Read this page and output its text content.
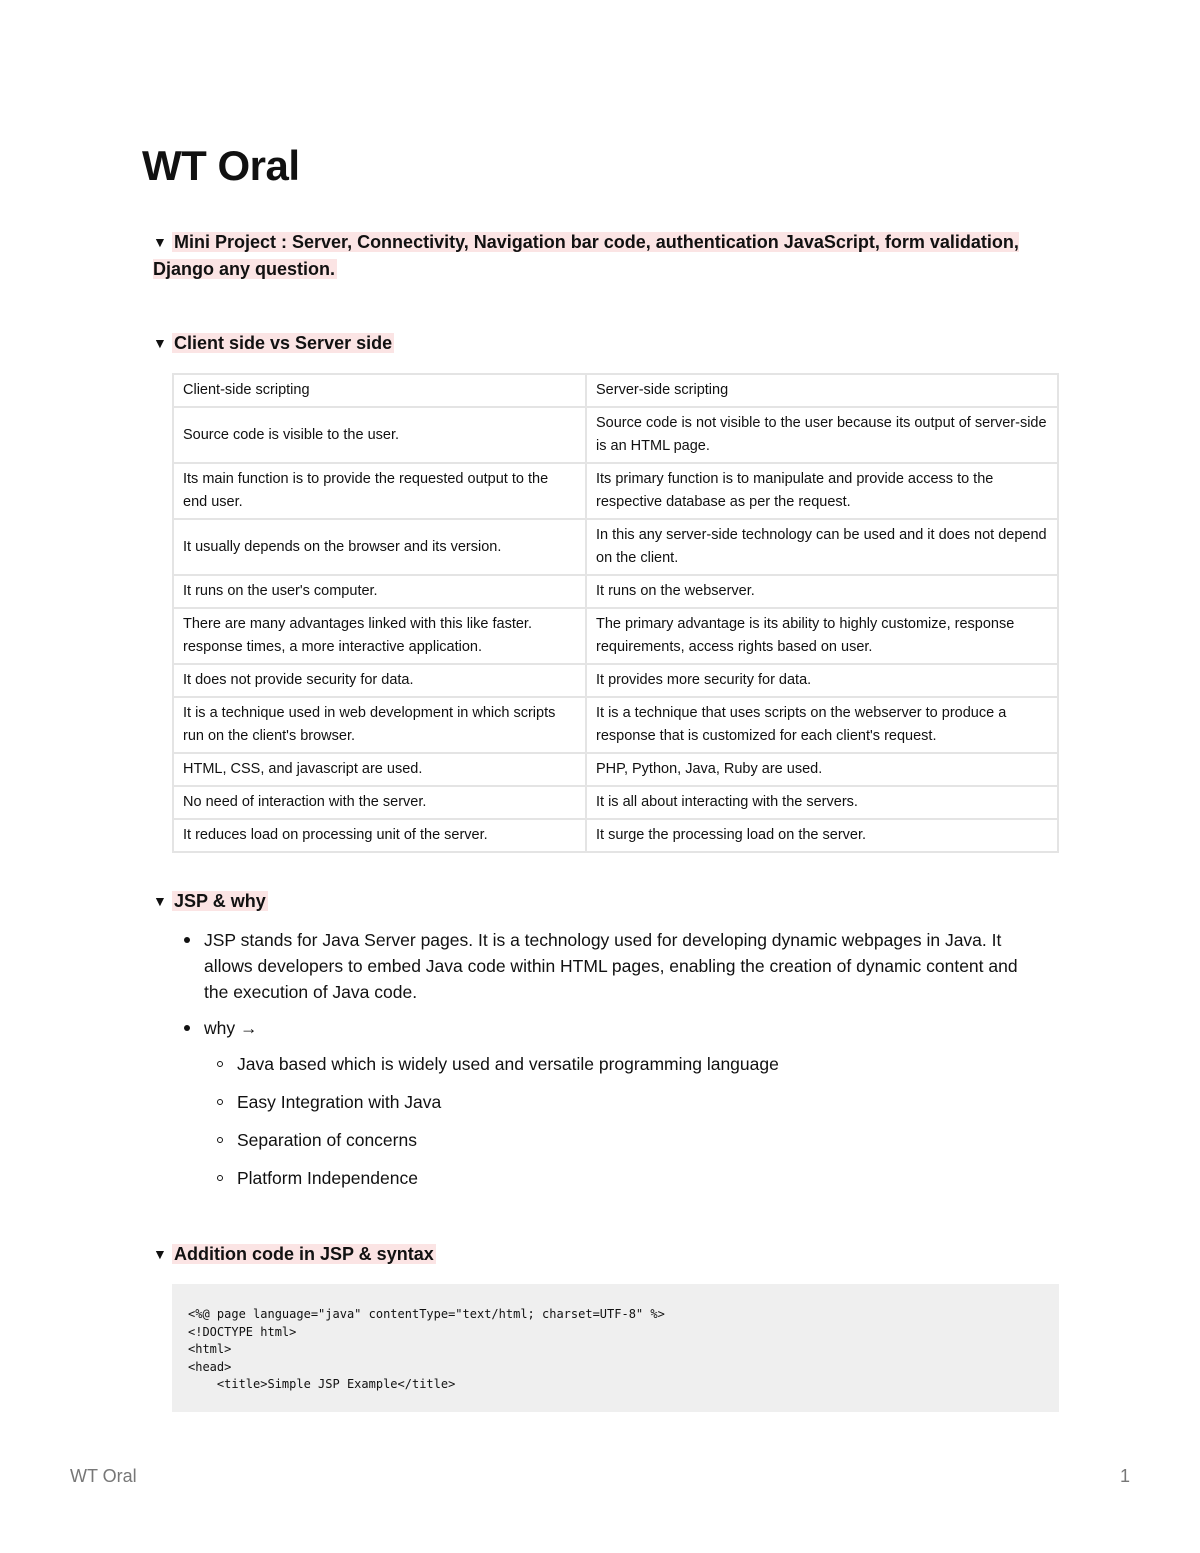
WT Oral
▼ Mini Project : Server, Connectivity, Navigation bar code, authentication JavaScript, form validation, Django any question.
▼ Client side vs Server side
Client-side scripting	Server-side scripting
Source code is visible to the user.	Source code is not visible to the user because its output of server-side is an HTML page.
Its main function is to provide the requested output to the end user.	Its primary function is to manipulate and provide access to the respective database as per the request.
It usually depends on the browser and its version.	In this any server-side technology can be used and it does not depend on the client.
It runs on the user's computer.	It runs on the webserver.
There are many advantages linked with this like faster. response times, a more interactive application.	The primary advantage is its ability to highly customize, response requirements, access rights based on user.
It does not provide security for data.	It provides more security for data.
It is a technique used in web development in which scripts run on the client's browser.	It is a technique that uses scripts on the webserver to produce a response that is customized for each client's request.
HTML, CSS, and javascript are used.	PHP, Python, Java, Ruby are used.
No need of interaction with the server.	It is all about interacting with the servers.
It reduces load on processing unit of the server.	It surge the processing load on the server.
▼ JSP & why
JSP stands for Java Server pages. It is a technology used for developing dynamic webpages in Java. It allows developers to embed Java code within HTML pages, enabling the creation of dynamic content and the execution of Java code.
why →
Java based which is widely used and versatile programming language
Easy Integration with Java
Separation of concerns
Platform Independence
▼ Addition code in JSP & syntax
<%@ page language="java" contentType="text/html; charset=UTF-8" %>
<!DOCTYPE html>
<html>
<head>
<title>Simple JSP Example</title>
WT Oral	1
